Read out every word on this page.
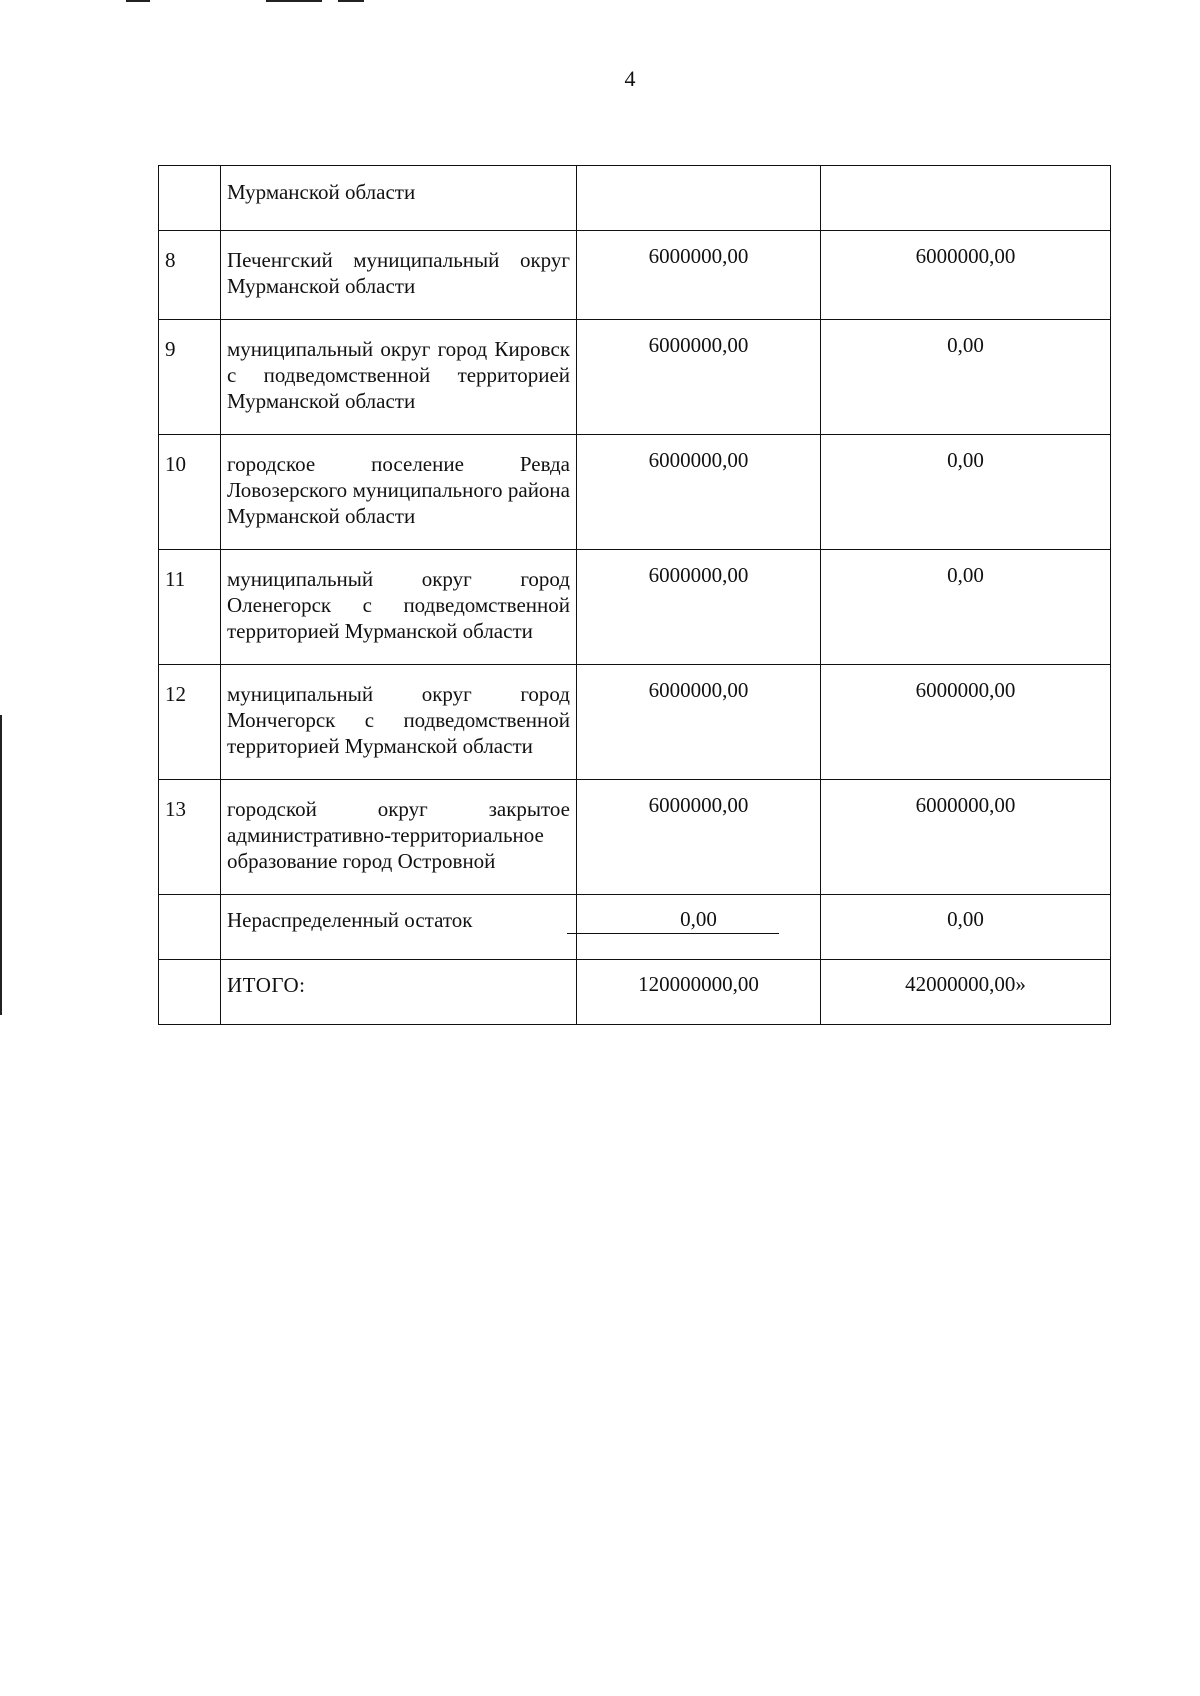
4
	Мурманской области		
8	Печенгский муниципальный округ Мурманской области	6000000,00	6000000,00
9	муниципальный округ город Кировск с подведомственной территорией Мурманской области	6000000,00	0,00
10	городское поселение Ревда Ловозерского муниципального района Мурманской области	6000000,00	0,00
11	муниципальный округ город Оленегорск с подведомственной территорией Мурманской области	6000000,00	0,00
12	муниципальный округ город Мончегорск с подведомственной территорией Мурманской области	6000000,00	6000000,00
13	городской округ закрытое административно-территориальное образование город Островной	6000000,00	6000000,00
	Нераспределенный остаток	0,00	0,00
	ИТОГО:	120000000,00	42000000,00»
